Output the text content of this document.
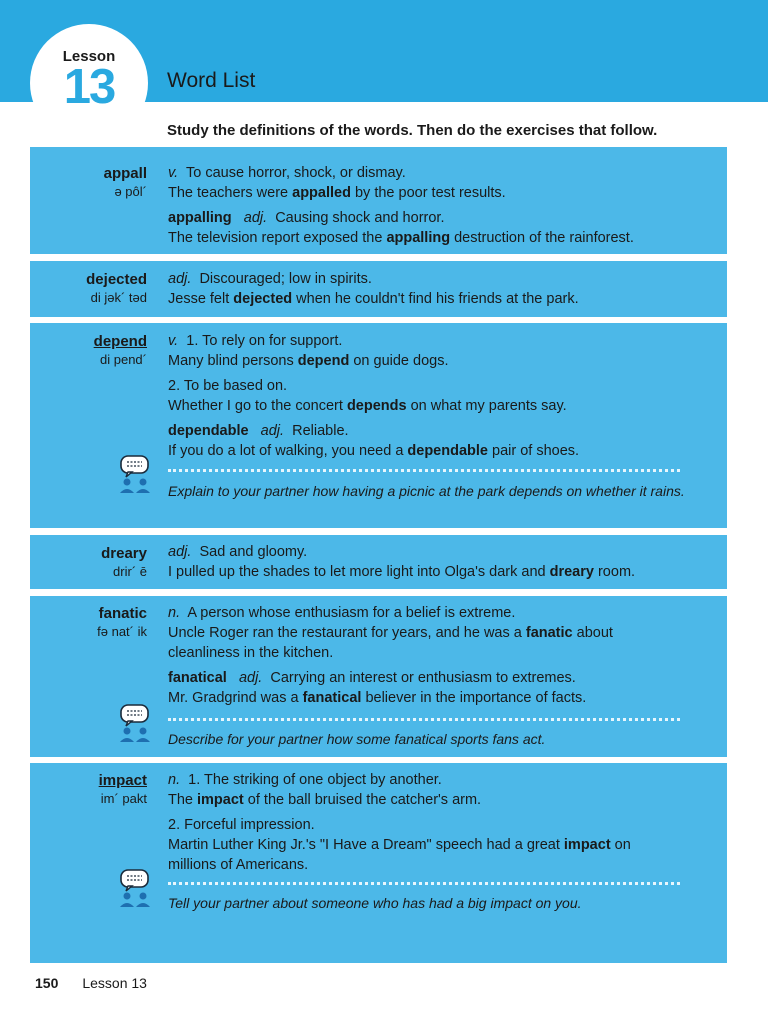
Lesson
13	Word List
Study the definitions of the words. Then do the exercises that follow.
appall
ə pôl´

v. To cause horror, shock, or dismay.

The teachers were appalled by the poor test results.

appalling adj. Causing shock and horror.

The television report exposed the appalling destruction of the rainforest.

dejected
di jək´ təd

adj. Discouraged; low in spirits.

Jesse felt dejected when he couldn't find his friends at the park.

depend
di pend´

v. 1. To rely on for support.

Many blind persons depend on guide dogs.

2. To be based on.

Whether I go to the concert depends on what my parents say.

dependable adj. Reliable.

If you do a lot of walking, you need a dependable pair of shoes.

Explain to your partner how having a picnic at the park depends on whether it rains.
dreary
drir´ ē

adj. Sad and gloomy.

I pulled up the shades to let more light into Olga's dark and dreary room.

fanatic
fə nat´ ik

n. A person whose enthusiasm for a belief is extreme.

Uncle Roger ran the restaurant for years, and he was a fanatic about cleanliness in the kitchen.

fanatical adj. Carrying an interest or enthusiasm to extremes.

Mr. Gradgrind was a fanatical believer in the importance of facts.

Describe for your partner how some fanatical sports fans act.
impact
im´ pakt

n. 1. The striking of one object by another.

The impact of the ball bruised the catcher's arm.

2. Forceful impression.

Martin Luther King Jr.'s "I Have a Dream" speech had a great impact on millions of Americans.

Tell your partner about someone who has had a big impact on you.
150 Lesson 13
